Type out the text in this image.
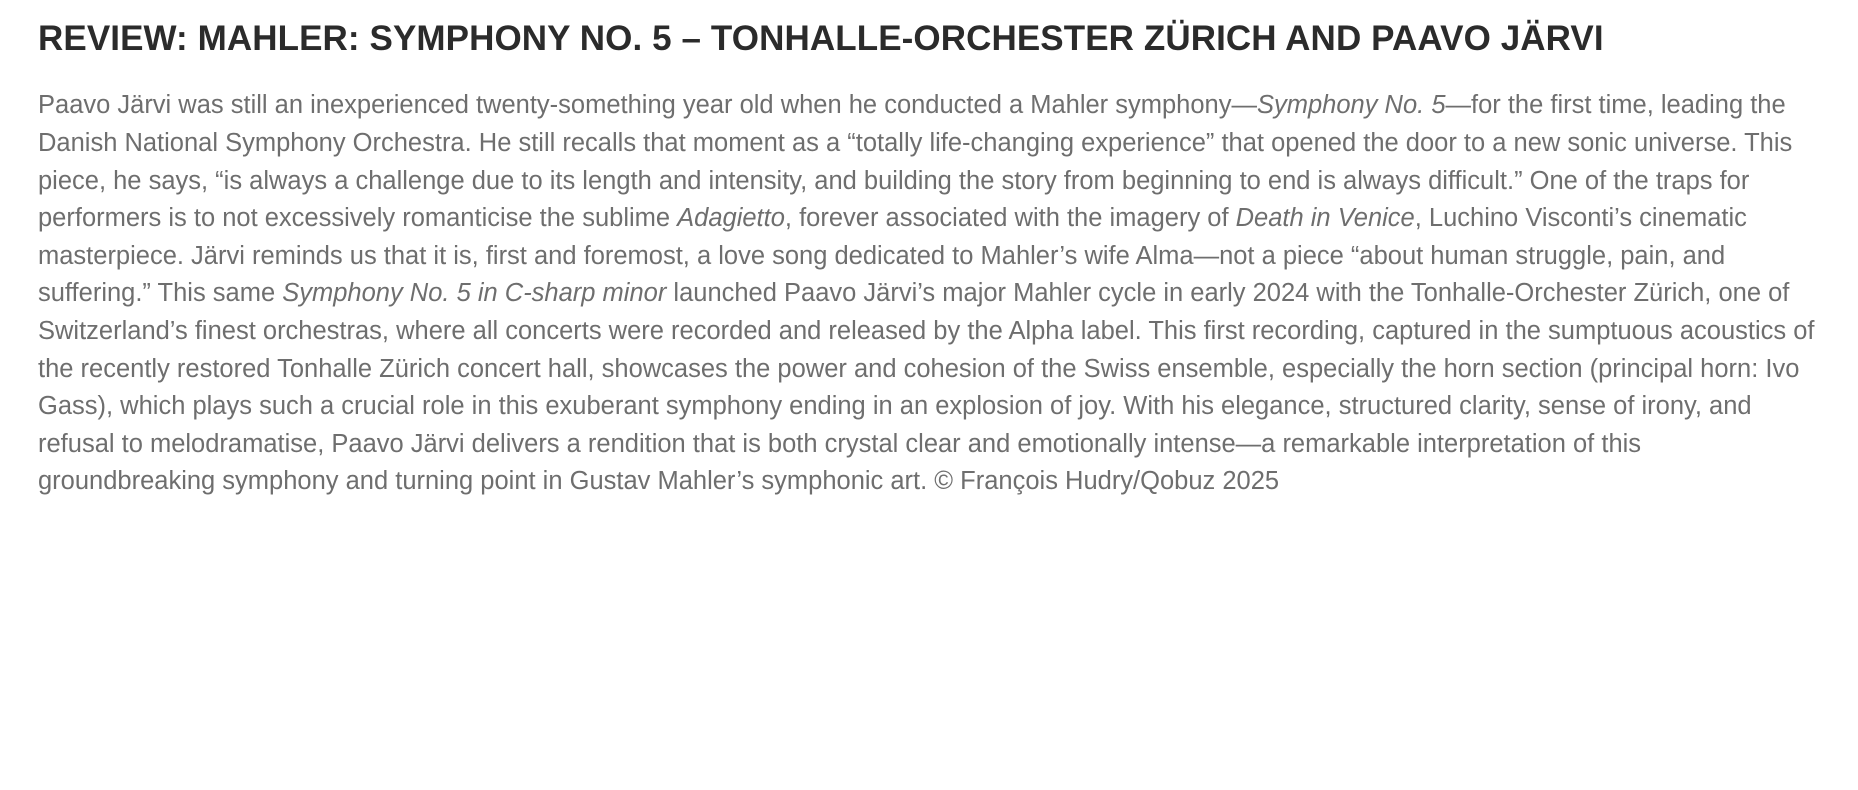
REVIEW: MAHLER: SYMPHONY NO. 5 – TONHALLE-ORCHESTER ZÜRICH AND PAAVO JÄRVI

Paavo Järvi was still an inexperienced twenty-something year old when he conducted a Mahler symphony—Symphony No. 5—for the first time, leading the Danish National Symphony Orchestra. He still recalls that moment as a “totally life-changing experience” that opened the door to a new sonic universe. This piece, he says, “is always a challenge due to its length and intensity, and building the story from beginning to end is always difficult.” One of the traps for performers is to not excessively romanticise the sublime Adagietto, forever associated with the imagery of Death in Venice, Luchino Visconti’s cinematic masterpiece. Järvi reminds us that it is, first and foremost, a love song dedicated to Mahler’s wife Alma—not a piece “about human struggle, pain, and suffering.” This same Symphony No. 5 in C-sharp minor launched Paavo Järvi’s major Mahler cycle in early 2024 with the Tonhalle-Orchester Zürich, one of Switzerland’s finest orchestras, where all concerts were recorded and released by the Alpha label. This first recording, captured in the sumptuous acoustics of the recently restored Tonhalle Zürich concert hall, showcases the power and cohesion of the Swiss ensemble, especially the horn section (principal horn: Ivo Gass), which plays such a crucial role in this exuberant symphony ending in an explosion of joy. With his elegance, structured clarity, sense of irony, and refusal to melodramatise, Paavo Järvi delivers a rendition that is both crystal clear and emotionally intense—a remarkable interpretation of this groundbreaking symphony and turning point in Gustav Mahler’s symphonic art. © François Hudry/Qobuz 2025
